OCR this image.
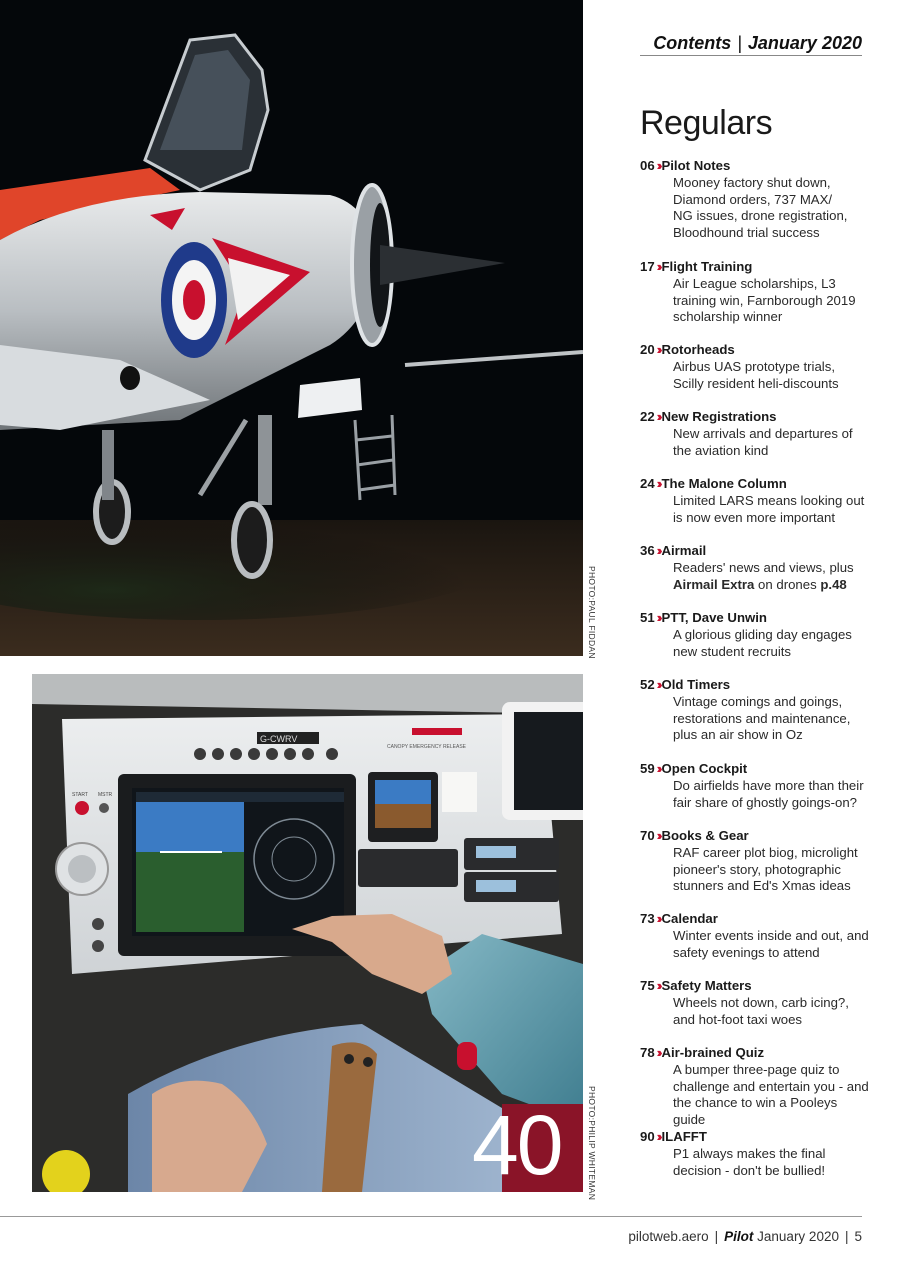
PHOTO:PAUL FIDDAN
G-CWRV
CANOPY EMERGENCY RELEASE
START MSTR
40	PHOTO:PHILIP WHITEMAN
Contents | January 2020
Regulars
06 ›› Pilot Notes
Mooney factory shut down,
Diamond orders, 737 MAX/
NG issues, drone registration,
Bloodhound trial success
17 ›› Flight Training
Air League scholarships, L3
training win, Farnborough 2019
scholarship winner
20 ›› Rotorheads
Airbus UAS prototype trials,
Scilly resident heli-discounts
22 ›› New Registrations
New arrivals and departures of
the aviation kind
24 ›› The Malone Column
Limited LARS means looking out
is now even more important
36 ›› Airmail
Readers' news and views, plus
Airmail Extra on drones p.48
51 ›› PTT, Dave Unwin
A glorious gliding day engages
new student recruits
52 ›› Old Timers
Vintage comings and goings,
restorations and maintenance,
plus an air show in Oz
59 ›› Open Cockpit
Do airfields have more than their
fair share of ghostly goings-on?
70 ›› Books & Gear
RAF career plot biog, microlight
pioneer's story, photographic
stunners and Ed's Xmas ideas
73 ›› Calendar
Winter events inside and out, and
safety evenings to attend
75 ›› Safety Matters
Wheels not down, carb icing?,
and hot-foot taxi woes
78 ›› Air-brained Quiz
A bumper three-page quiz to
challenge and entertain you - and
the chance to win a Pooleys guide
90 ›› ILAFFT
P1 always makes the final
decision - don't be bullied!
pilotweb.aero | Pilot January 2020 | 5
